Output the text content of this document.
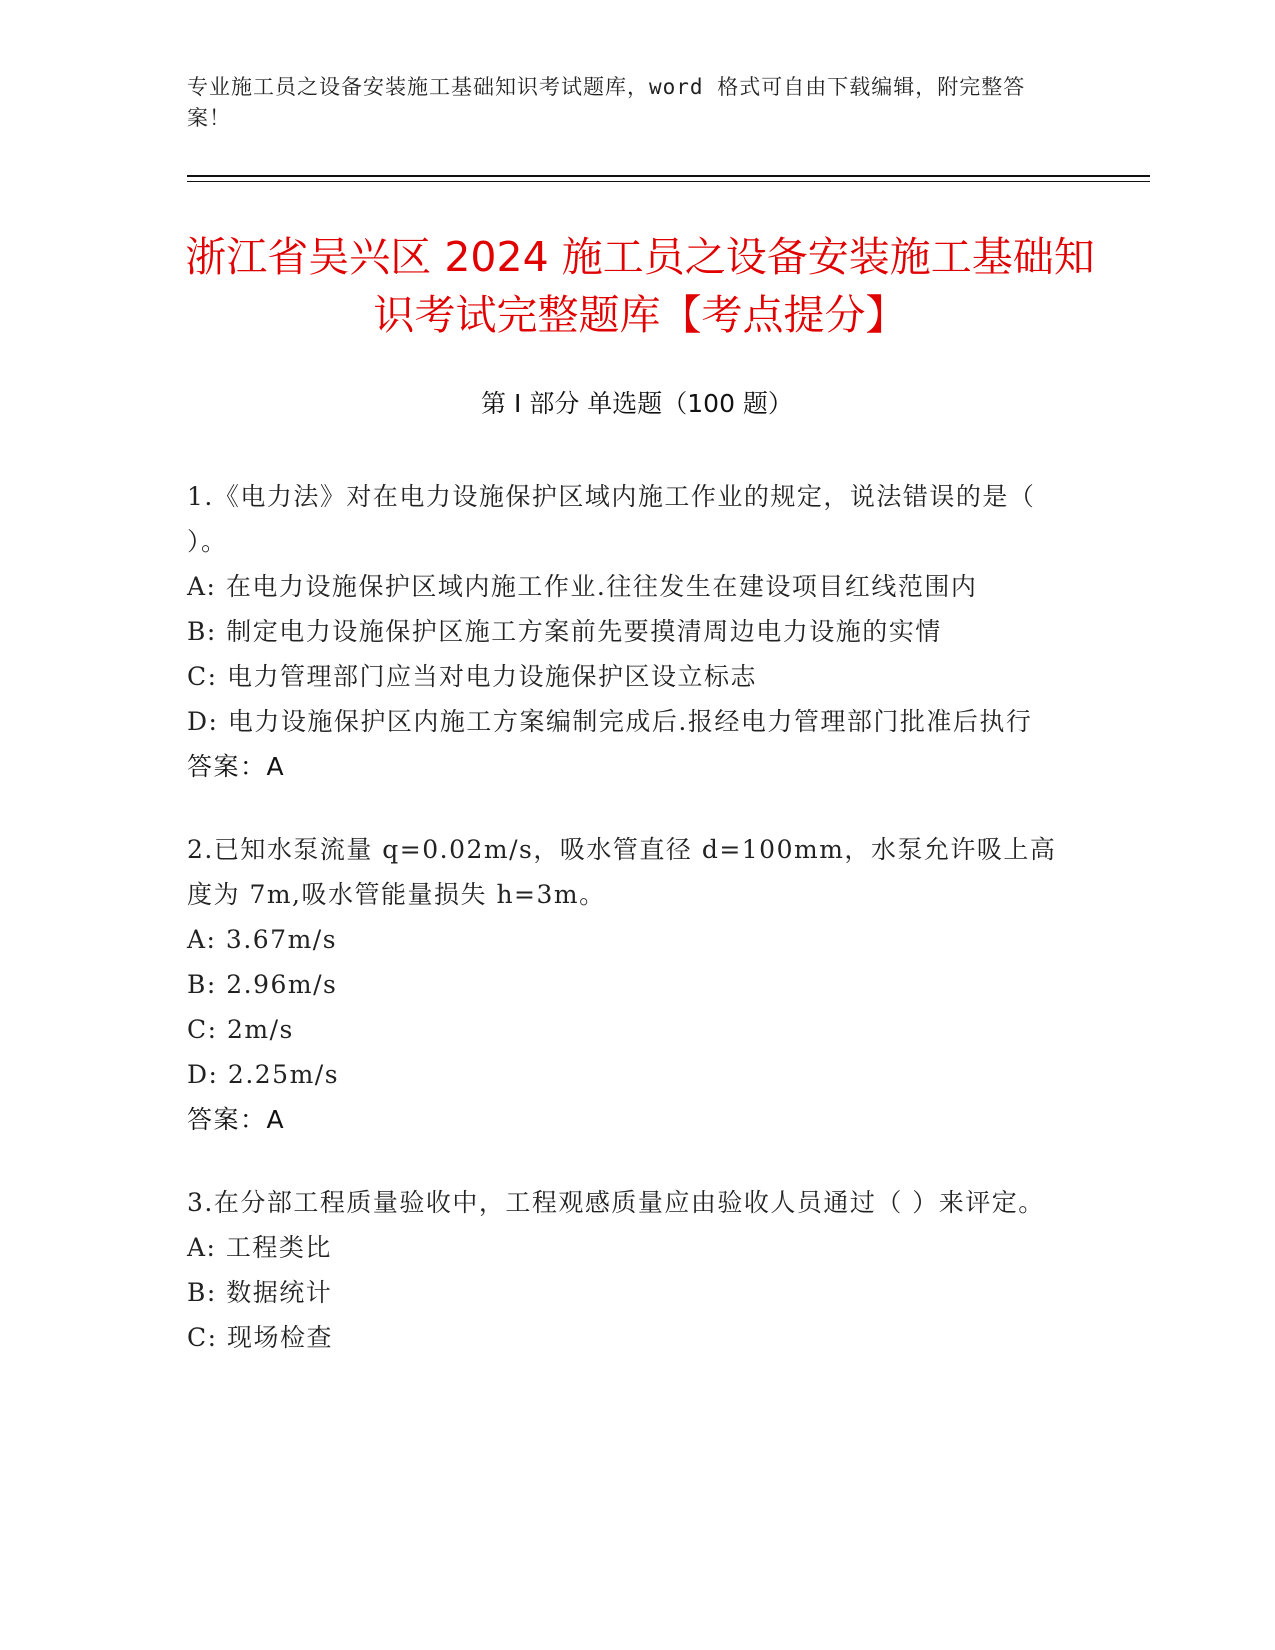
专业施工员之设备安装施工基础知识考试题库，word 格式可自由下载编辑，附完整答案！
浙江省吴兴区 2024 施工员之设备安装施工基础知识考试完整题库【考点提分】
第 I 部分 单选题（100 题）

1.《电力法》对在电力设施保护区域内施工作业的规定，说法错误的是（ ）。

A: 在电力设施保护区域内施工作业.往往发生在建设项目红线范围内

B: 制定电力设施保护区施工方案前先要摸清周边电力设施的实情

C: 电力管理部门应当对电力设施保护区设立标志

D: 电力设施保护区内施工方案编制完成后.报经电力管理部门批准后执行

答案：A

2.已知水泵流量 q=0.02m/s，吸水管直径 d=100mm，水泵允许吸上高度为 7m,吸水管能量损失 h=3m。

A: 3.67m/s

B: 2.96m/s

C: 2m/s

D: 2.25m/s

答案：A

3.在分部工程质量验收中，工程观感质量应由验收人员通过（ ）来评定。

A: 工程类比

B: 数据统计

C: 现场检查
